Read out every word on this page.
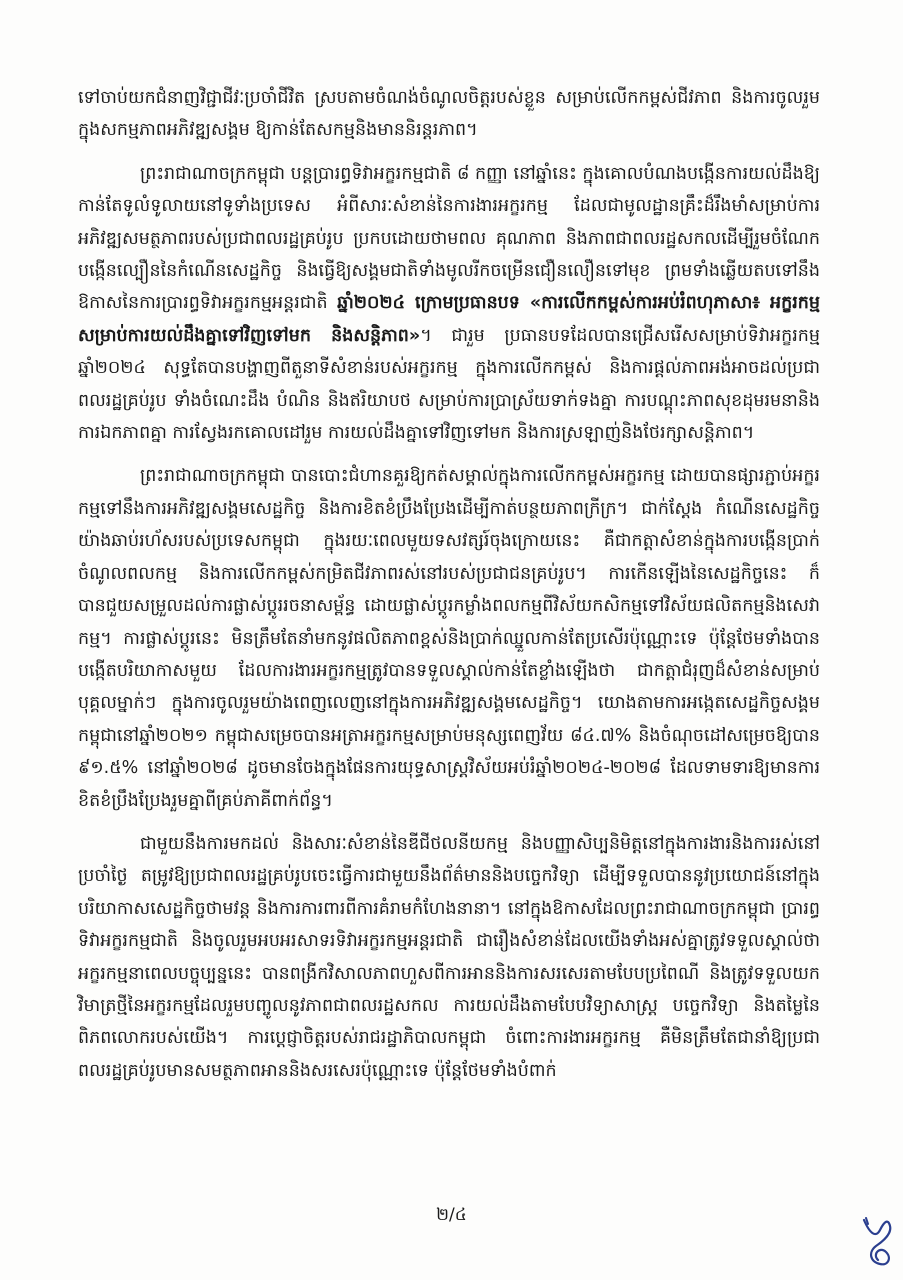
ទៅចាប់យកជំនាញវិជ្ជាជីវៈប្រចាំជីវិត ស្របតាមចំណង់ចំណូលចិត្តរបស់ខ្លួន សម្រាប់លើកកម្ពស់ជីវភាព និងការចូលរួមក្នុងសកម្មភាពអភិវឌ្ឍសង្គម ឱ្យកាន់តែសកម្មនិងមាននិរន្តរភាព។

ព្រះរាជាណាចក្រកម្ពុជា បន្តប្រារព្ធទិវាអក្ខរកម្មជាតិ ៨ កញ្ញា នៅឆ្នាំនេះ ក្នុងគោលបំណងបង្កើនការយល់ដឹងឱ្យកាន់តែទូលំទូលាយនៅទូទាំងប្រទេស អំពីសារៈសំខាន់នៃការងារអក្ខរកម្ម ដែលជាមូលដ្ឋានគ្រឹះដ៏រឹងមាំសម្រាប់ការអភិវឌ្ឍសមត្ថភាពរបស់ប្រជាពលរដ្ឋគ្រប់រូប ប្រកបដោយថាមពល គុណភាព និងភាពជាពលរដ្ឋសកលដើម្បីរួមចំណែកបង្កើនល្បឿននៃកំណើនសេដ្ឋកិច្ច និងធ្វើឱ្យសង្គមជាតិទាំងមូលរីកចម្រើនជឿនលឿនទៅមុខ ព្រមទាំងឆ្លើយតបទៅនឹងឱកាសនៃការប្រារព្ធទិវាអក្ខរកម្មអន្តរជាតិ ឆ្នាំ២០២៤ ក្រោមប្រធានបទ «ការលើកកម្ពស់ការអប់រំពហុភាសា៖ អក្ខរកម្មសម្រាប់ការយល់ដឹងគ្នាទៅវិញទៅមក និងសន្តិភាព»។ ជារួម ប្រធានបទដែលបានជ្រើសរើសសម្រាប់ទិវាអក្ខរកម្ម ឆ្នាំ២០២៤ សុទ្ធតែបានបង្ហាញពីតួនាទីសំខាន់របស់អក្ខរកម្ម ក្នុងការលើកកម្ពស់ និងការផ្តល់ភាពអង់អាចដល់ប្រជាពលរដ្ឋគ្រប់រូប ទាំងចំណេះដឹង បំណិន និងឥរិយាបថ សម្រាប់ការប្រាស្រ័យទាក់ទងគ្នា ការបណ្តុះភាពសុខដុមរមនានិងការឯកភាពគ្នា ការស្វែងរកគោលដៅរួម ការយល់ដឹងគ្នាទៅវិញទៅមក និងការស្រឡាញ់និងថែរក្សាសន្តិភាព។

ព្រះរាជាណាចក្រកម្ពុជា បានបោះជំហានគួរឱ្យកត់សម្គាល់ក្នុងការលើកកម្ពស់អក្ខរកម្ម ដោយបានផ្សារភ្ជាប់អក្ខរកម្មទៅនឹងការអភិវឌ្ឍសង្គមសេដ្ឋកិច្ច និងការខិតខំប្រឹងប្រែងដើម្បីកាត់បន្ថយភាពក្រីក្រ។ ជាក់ស្តែង កំណើនសេដ្ឋកិច្ចយ៉ាងឆាប់រហ័សរបស់ប្រទេសកម្ពុជា ក្នុងរយៈពេលមួយទសវត្សរ៍ចុងក្រោយនេះ គឺជាកត្តាសំខាន់ក្នុងការបង្កើនប្រាក់ចំណូលពលកម្ម និងការលើកកម្ពស់កម្រិតជីវភាពរស់នៅរបស់ប្រជាជនគ្រប់រូប។ ការកើនឡើងនៃសេដ្ឋកិច្ចនេះ ក៏បានជួយសម្រួលដល់ការផ្លាស់ប្តូររចនាសម្ព័ន្ធ ដោយផ្លាស់ប្តូរកម្លាំងពលកម្មពីវិស័យកសិកម្មទៅវិស័យផលិតកម្មនិងសេវាកម្ម។ ការផ្លាស់ប្តូរនេះ មិនត្រឹមតែនាំមកនូវផលិតភាពខ្ពស់និងប្រាក់ឈ្នួលកាន់តែប្រសើរប៉ុណ្ណោះទេ ប៉ុន្តែថែមទាំងបានបង្កើតបរិយាកាសមួយ ដែលការងារអក្ខរកម្មត្រូវបានទទួលស្គាល់កាន់តែខ្លាំងឡើងថា ជាកត្តាជំរុញដ៏សំខាន់សម្រាប់បុគ្គលម្នាក់ៗ ក្នុងការចូលរួមយ៉ាងពេញលេញនៅក្នុងការអភិវឌ្ឍសង្គមសេដ្ឋកិច្ច។ យោងតាមការអង្កេតសេដ្ឋកិច្ចសង្គមកម្ពុជានៅឆ្នាំ២០២១ កម្ពុជាសម្រេចបានអត្រាអក្ខរកម្មសម្រាប់មនុស្សពេញវ័យ ៨៤.៧% និងចំណុចដៅសម្រេចឱ្យបាន ៩១.៥% នៅឆ្នាំ២០២៨ ដូចមានចែងក្នុងផែនការយុទ្ធសាស្ត្រវិស័យអប់រំឆ្នាំ២០២៤-២០២៨ ដែលទាមទារឱ្យមានការខិតខំប្រឹងប្រែងរួមគ្នាពីគ្រប់ភាគីពាក់ព័ន្ធ។

ជាមួយនឹងការមកដល់ និងសារៈសំខាន់នៃឌីជីថលនីយកម្ម និងបញ្ញាសិប្បនិមិត្តនៅក្នុងការងារនិងការរស់នៅប្រចាំថ្ងៃ តម្រូវឱ្យប្រជាពលរដ្ឋគ្រប់រូបចេះធ្វើការជាមួយនឹងព័ត៌មាននិងបច្ចេកវិទ្យា ដើម្បីទទួលបាននូវប្រយោជន៍នៅក្នុងបរិយាកាសសេដ្ឋកិច្ចថាមវន្ត និងការការពារពីការគំរាមកំហែងនានា។ នៅក្នុងឱកាសដែលព្រះរាជាណាចក្រកម្ពុជា ប្រារព្ធទិវាអក្ខរកម្មជាតិ និងចូលរួមអបអរសាទរទិវាអក្ខរកម្មអន្តរជាតិ ជារឿងសំខាន់ដែលយើងទាំងអស់គ្នាត្រូវទទួលស្គាល់ថា អក្ខរកម្មនាពេលបច្ចុប្បន្ននេះ បានពង្រីកវិសាលភាពហួសពីការអាននិងការសរសេរតាមបែបប្រពៃណី និងត្រូវទទួលយកវិមាត្រថ្មីនៃអក្ខរកម្មដែលរួមបញ្ចូលនូវភាពជាពលរដ្ឋសកល ការយល់ដឹងតាមបែបវិទ្យាសាស្ត្រ បច្ចេកវិទ្យា និងតម្លៃនៃពិភពលោករបស់យើង។ ការប្តេជ្ញាចិត្តរបស់រាជរដ្ឋាភិបាលកម្ពុជា ចំពោះការងារអក្ខរកម្ម គឺមិនត្រឹមតែជានាំឱ្យប្រជាពលរដ្ឋគ្រប់រូបមានសមត្ថភាពអាននិងសរសេរប៉ុណ្ណោះទេ ប៉ុន្តែថែមទាំងបំពាក់

២/៤
